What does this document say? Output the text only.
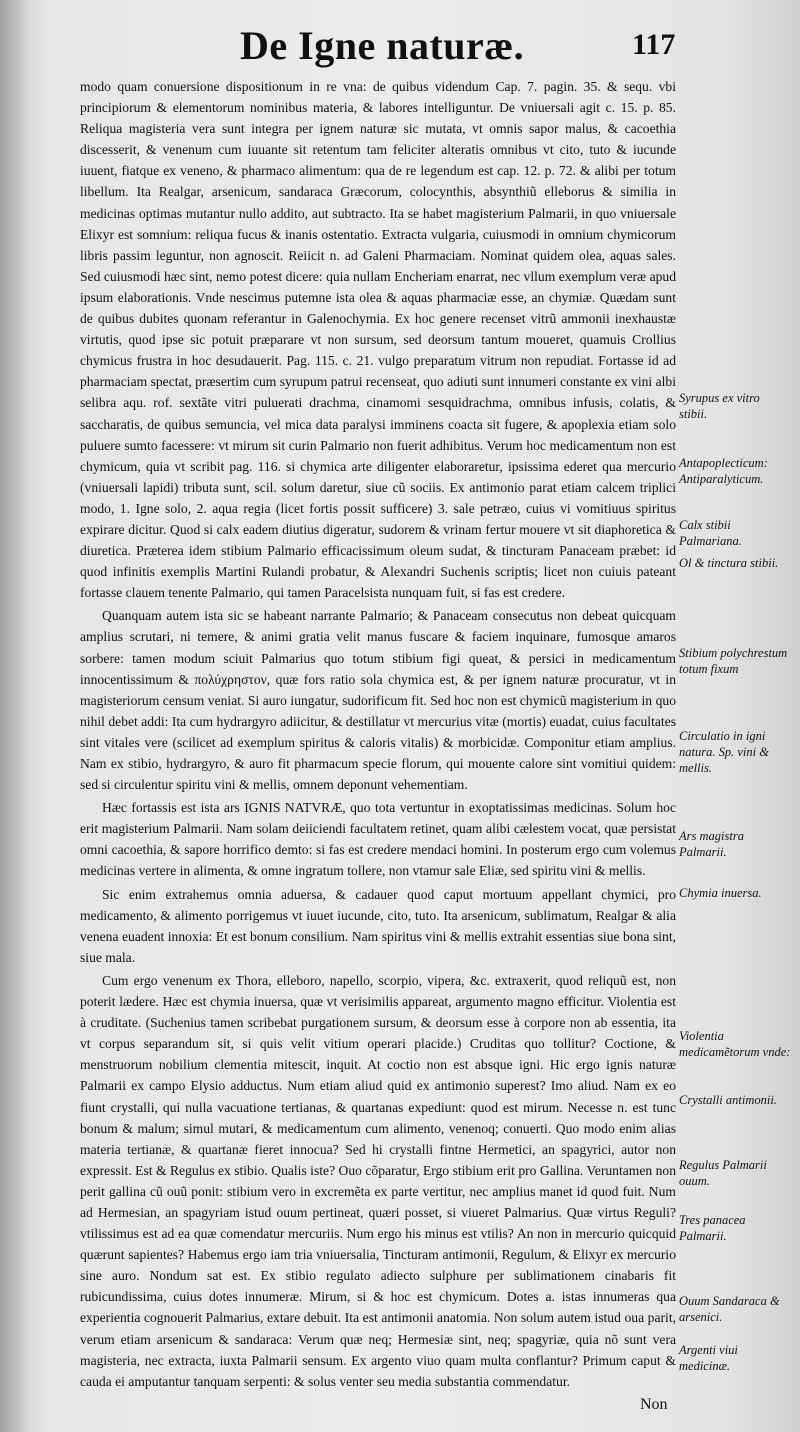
De Igne naturæ.	117

modo quam conuersione dispositionum in re vna: de quibus videndum Cap. 7. pagin. 35. & sequ. vbi principiorum & elementorum nominibus materia, & labores intelliguntur. De vniuersali agit c. 15. p. 85. Reliqua magisteria vera sunt integra per ignem naturæ sic mutata, vt omnis sapor malus, & cacoethia discesserit, & venenum cum iuuante sit retentum tam feliciter alteratis omnibus vt cito, tuto & iucunde iuuent, fiatque ex veneno, & pharmaco alimentum: qua de re legendum est cap. 12. p. 72. & alibi per totum libellum. Ita Realgar, arsenicum, sandaraca Græcorum, colocynthis, absynthiũ elleborus & similia in medicinas optimas mutantur nullo addito, aut subtracto. Ita se habet magisterium Palmarii, in quo vniuersale Elixyr est somnium: reliqua fucus & inanis ostentatio. Extracta vulgaria, cuiusmodi in omnium chymicorum libris passim leguntur, non agnoscit. Reiicit n. ad Galeni Pharmaciam. Nominat quidem olea, aquas sales. Sed cuiusmodi hæc sint, nemo potest dicere: quia nullam Encheriam enarrat, nec vllum exemplum veræ apud ipsum elaborationis. Vnde nescimus putemne ista olea & aquas pharmaciæ esse, an chymiæ. Quædam sunt de quibus dubites quonam referantur in Galenochymia. Ex hoc genere recenset vitrũ ammonii inexhaustæ virtutis, quod ipse sic potuit præparare vt non sursum, sed deorsum tantum moueret, quamuis Crollius chymicus frustra in hoc desudauerit. Pag. 115. c. 21. vulgo preparatum vitrum non repudiat. Fortasse id ad pharmaciam spectat, præsertim cum syrupum patrui recenseat, quo adiuti sunt innumeri constante ex vini albi selibra aqu. rof. sextãte vitri puluerati drachma, cinamomi sesquidrachma, omnibus infusis, colatis, & saccharatis, de quibus semuncia, vel mica data paralysi imminens coacta sit fugere, & apoplexia etiam solo puluere sumto facessere: vt mirum sit curin Palmario non fuerit adhibitus. Verum hoc medicamentum non est chymicum, quia vt scribit pag. 116. si chymica arte diligenter elaboraretur, ipsissima ederet qua mercurio (vniuersali lapidi) tributa sunt, scil. solum daretur, siue cũ sociis. Ex antimonio parat etiam calcem triplici modo, 1. Igne solo, 2. aqua regia (licet fortis possit sufficere) 3. sale petræo, cuius vi vomitiuus spiritus expirare dicitur. Quod si calx eadem diutius digeratur, sudorem & vrinam fertur mouere vt sit diaphoretica & diuretica. Præterea idem stibium Palmario efficacissimum oleum sudat, & tincturam Panaceam præbet: id quod infinitis exemplis Martini Rulandi probatur, & Alexandri Suchenis scriptis; licet non cuiuis pateant fortasse clauem tenente Palmario, qui tamen Paracelsista nunquam fuit, si fas est credere.

Quanquam autem ista sic se habeant narrante Palmario; & Panaceam consecutus non debeat quicquam amplius scrutari, ni temere, & animi gratia velit manus fuscare & faciem inquinare, fumosque amaros sorbere: tamen modum sciuit Palmarius quo totum stibium figi queat, & persici in medicamentum innocentissimum & πολύχρηστον, quæ fors ratio sola chymica est, & per ignem naturæ procuratur, vt in magisteriorum censum veniat. Si auro iungatur, sudorificum fit. Sed hoc non est chymicũ magisterium in quo nihil debet addi: Ita cum hydrargyro adiicitur, & destillatur vt mercurius vitæ (mortis) euadat, cuius facultates sint vitales vere (scilicet ad exemplum spiritus & caloris vitalis) & morbicidæ. Componitur etiam amplius. Nam ex stibio, hydrargyro, & auro fit pharmacum specie florum, qui mouente calore sint vomitiui quidem: sed si circulentur spiritu vini & mellis, omnem deponunt vehementiam.

Hæc fortassis est ista ars IGNIS NATVRÆ, quo tota vertuntur in exoptatissimas medicinas. Solum hoc erit magisterium Palmarii. Nam solam deiiciendi facultatem retinet, quam alibi cælestem vocat, quæ persistat omni cacoethia, & sapore horrifico demto: si fas est credere mendaci homini. In posterum ergo cum volemus medicinas vertere in alimenta, & omne ingratum tollere, non vtamur sale Eliæ, sed spiritu vini & mellis.

Sic enim extrahemus omnia aduersa, & cadauer quod caput mortuum appellant chymici, pro medicamento, & alimento porrigemus vt iuuet iucunde, cito, tuto. Ita arsenicum, sublimatum, Realgar & alia venena euadent innoxia: Et est bonum consilium. Nam spiritus vini & mellis extrahit essentias siue bona sint, siue mala.

Cum ergo venenum ex Thora, elleboro, napello, scorpio, vipera, &c. extraxerit, quod reliquũ est, non poterit lædere. Hæc est chymia inuersa, quæ vt verisimilis appareat, argumento magno efficitur. Violentia est à cruditate. (Suchenius tamen scribebat purgationem sursum, & deorsum esse à corpore non ab essentia, ita vt corpus separandum sit, si quis velit vitium operari placide.) Cruditas quo tollitur? Coctione, & menstruorum nobilium clementia mitescit, inquit. At coctio non est absque igni. Hic ergo ignis naturæ Palmarii ex campo Elysio adductus. Num etiam aliud quid ex antimonio superest? Imo aliud. Nam ex eo fiunt crystalli, qui nulla vacuatione tertianas, & quartanas expediunt: quod est mirum. Necesse n. est tunc bonum & malum; simul mutari, & medicamentum cum alimento, venenoq; conuerti. Quo modo enim alias materia tertianæ, & quartanæ fieret innocua? Sed hi crystalli fintne Hermetici, an spagyrici, autor non expressit. Est & Regulus ex stibio. Qualis iste? Ouo cõparatur, Ergo stibium erit pro Gallina. Veruntamen non perit gallina cũ ouũ ponit: stibium vero in excremẽta ex parte vertitur, nec amplius manet id quod fuit. Num ad Hermesian, an spagyriam istud ouum pertineat, quæri posset, si viueret Palmarius. Quæ virtus Reguli? vtilissimus est ad ea quæ comendatur mercuriis. Num ergo his minus est vtilis? An non in mercurio quicquid quærunt sapientes? Habemus ergo iam tria vniuersalia, Tincturam antimonii, Regulum, & Elixyr ex mercurio sine auro. Nondum sat est. Ex stibio regulato adiecto sulphure per sublimationem cinabaris fit rubicundissima, cuius dotes innumeræ. Mirum, si & hoc est chymicum. Dotes a. istas innumeras qua experientia cognouerit Palmarius, extare debuit. Ita est antimonii anatomia. Non solum autem istud oua parit, verum etiam arsenicum & sandaraca: Verum quæ neq; Hermesiæ sint, neq; spagyriæ, quia nõ sunt vera magisteria, nec extracta, iuxta Palmarii sensum. Ex argento viuo quam multa conflantur? Primum caput & cauda ei amputantur tanquam serpenti: & solus venter seu media substantia commendatur.

Syrupus ex vitro stibii.
Antapoplecticum: Antiparalyticum.
Calx stibii Palmariana.
Ol & tinctura stibii.
Stibium polychrestum totum fixum
Circulatio in igni natura. Sp. vini & mellis.
Ars magistra Palmarii.
Chymia inuersa.
Violentia medicamẽtorum vnde:
Crystalli antimonii.
Regulus Palmarii ouum.
Tres panacea Palmarii.
Ouum Sandaraca & arsenici.
Argenti viui medicinæ.
Non
